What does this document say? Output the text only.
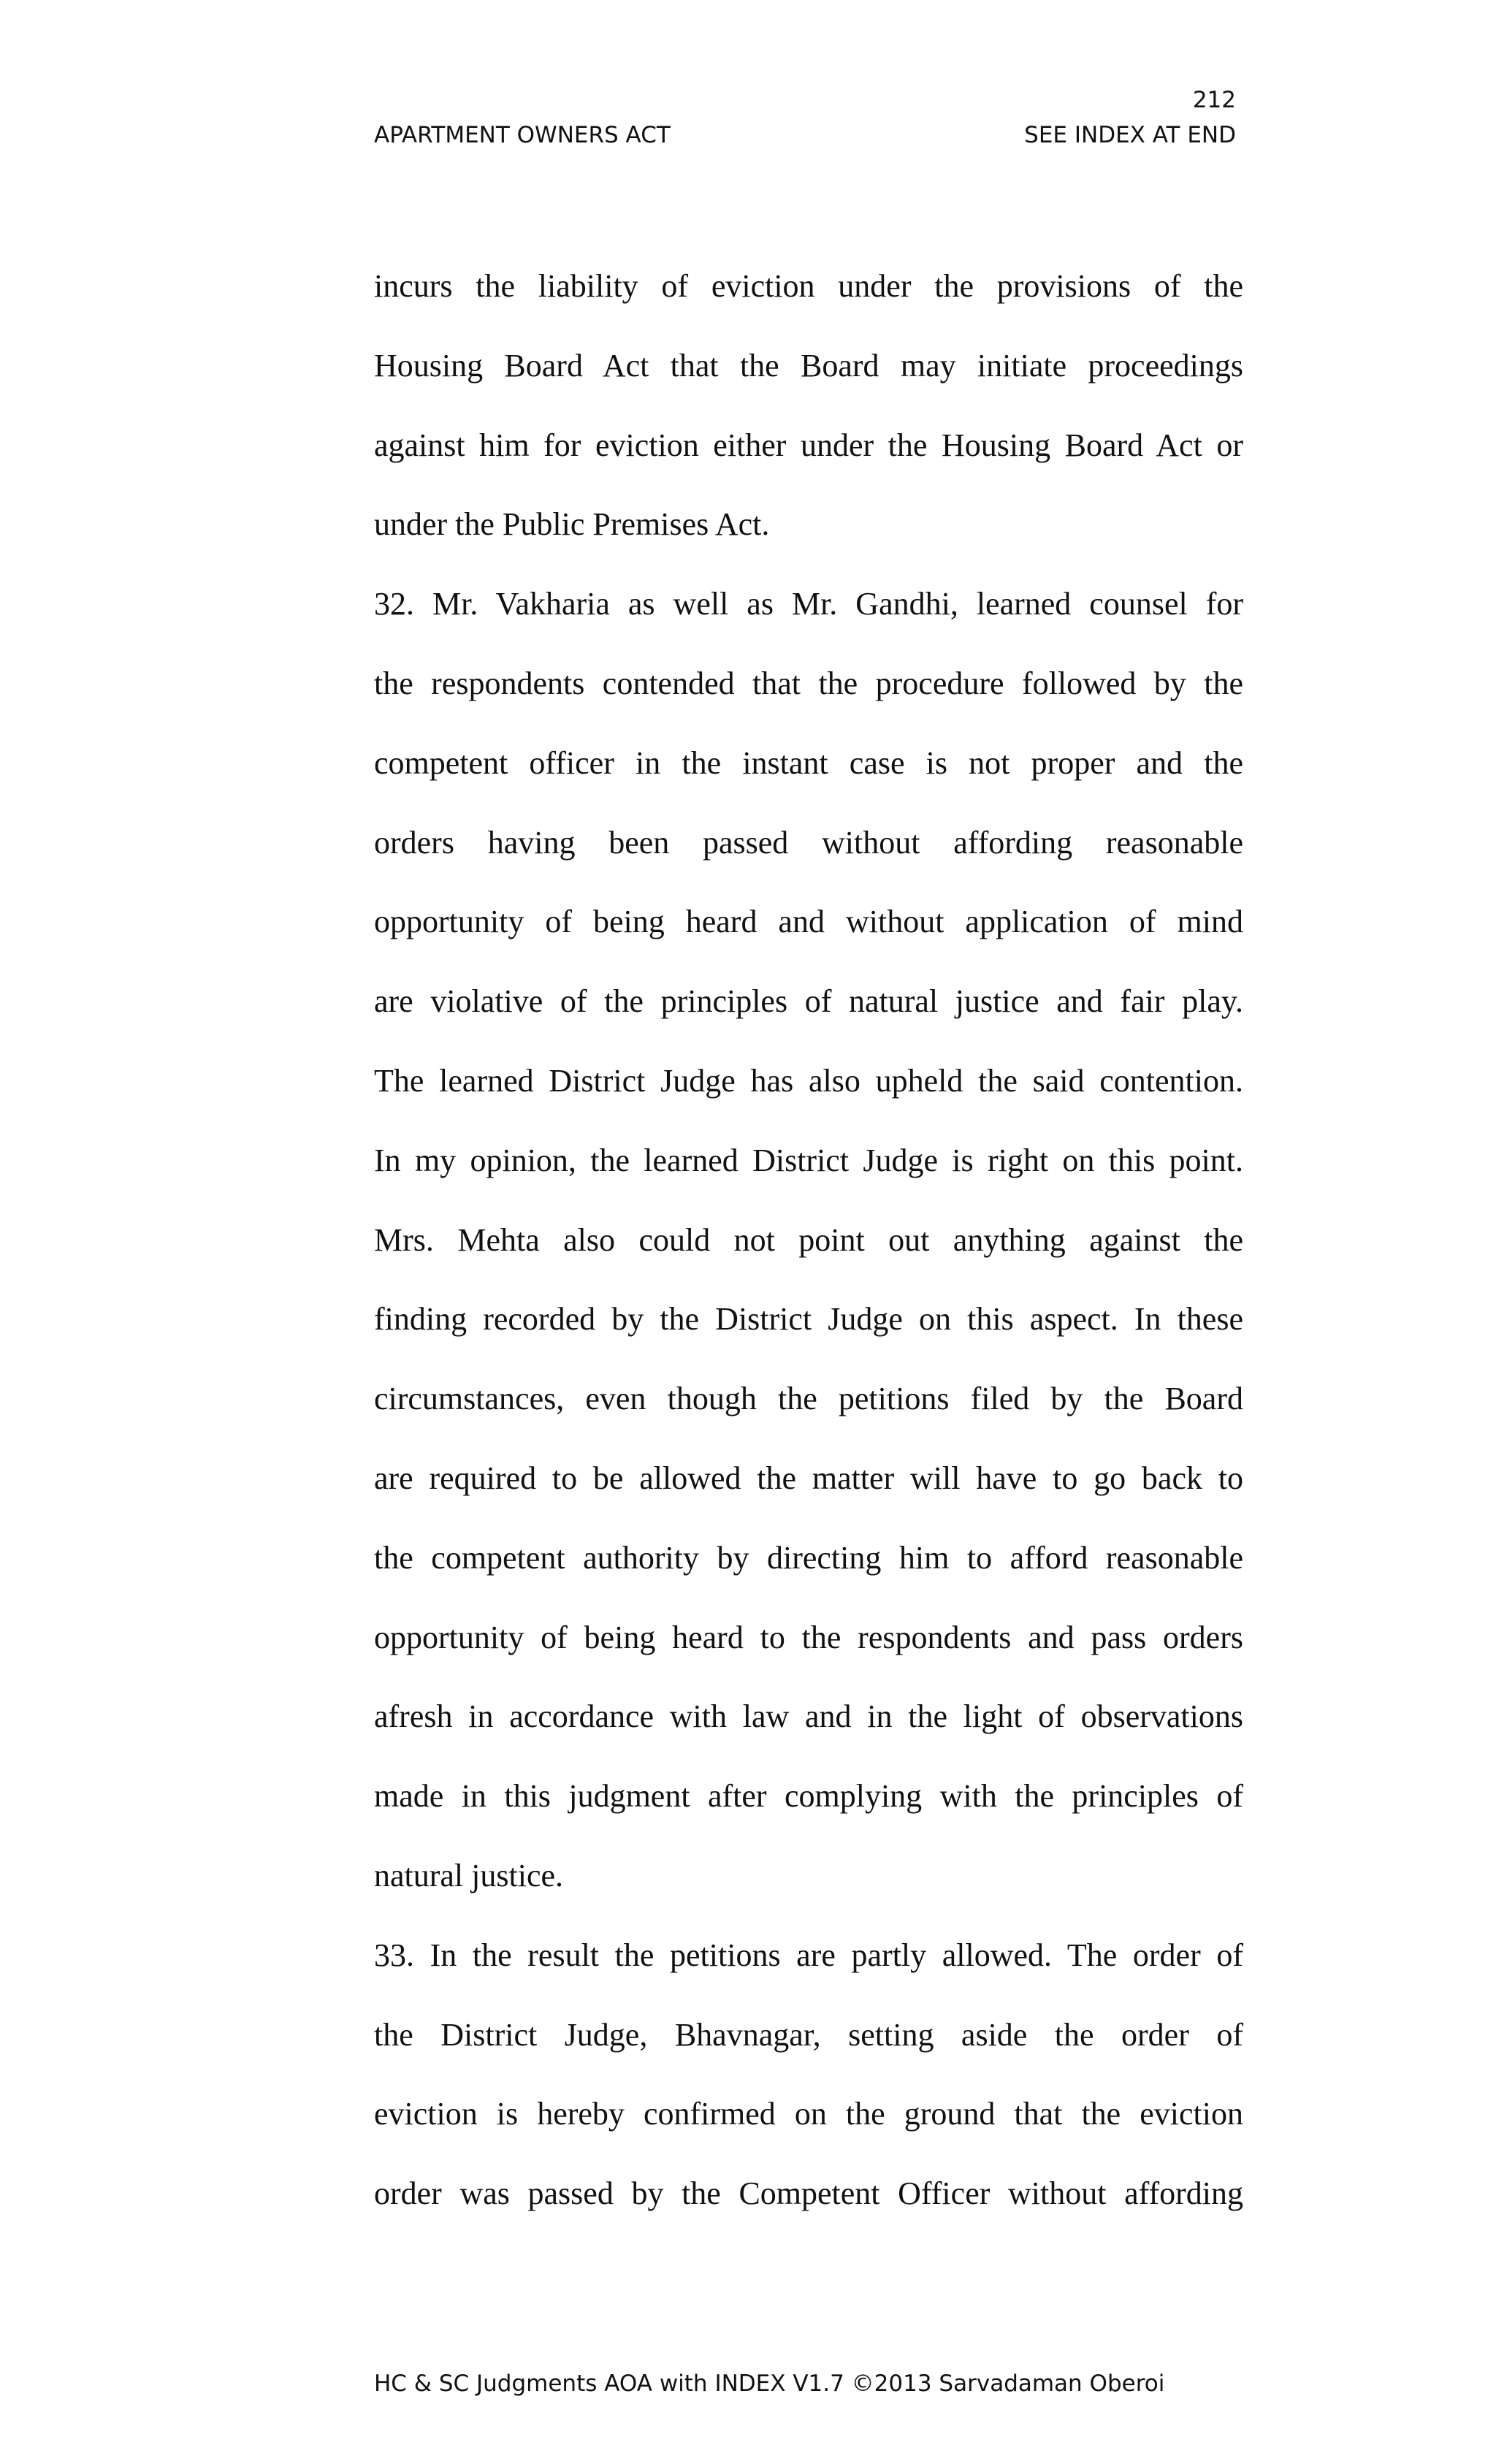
212
APARTMENT OWNERS ACT	SEE INDEX AT END
incurs the liability of eviction under the provisions of the
Housing Board Act that the Board may initiate proceedings
against him for eviction either under the Housing Board Act or
under the Public Premises Act.
32. Mr. Vakharia as well as Mr. Gandhi, learned counsel for
the respondents contended that the procedure followed by the
competent officer in the instant case is not proper and the
orders having been passed without affording reasonable
opportunity of being heard and without application of mind
are violative of the principles of natural justice and fair play.
The learned District Judge has also upheld the said contention.
In my opinion, the learned District Judge is right on this point.
Mrs. Mehta also could not point out anything against the
finding recorded by the District Judge on this aspect. In these
circumstances, even though the petitions filed by the Board
are required to be allowed the matter will have to go back to
the competent authority by directing him to afford reasonable
opportunity of being heard to the respondents and pass orders
afresh in accordance with law and in the light of observations
made in this judgment after complying with the principles of
natural justice.
33. In the result the petitions are partly allowed. The order of
the District Judge, Bhavnagar, setting aside the order of
eviction is hereby confirmed on the ground that the eviction
order was passed by the Competent Officer without affording
HC & SC Judgments AOA with INDEX V1.7 ©2013 Sarvadaman Oberoi
